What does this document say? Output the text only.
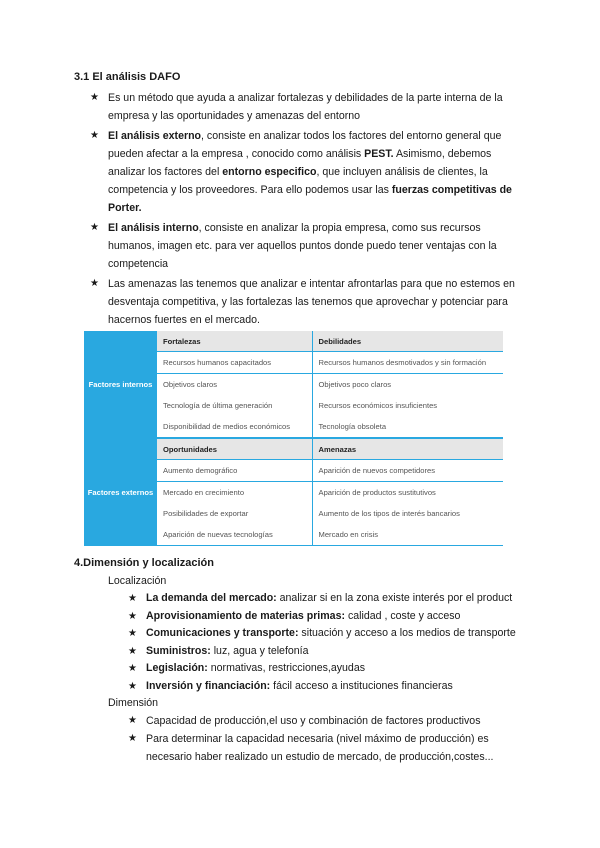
3.1 El análisis DAFO
★ Es un método que ayuda a analizar fortalezas y debilidades de la parte interna de la empresa y las oportunidades y amenazas del entorno
★ El análisis externo, consiste en analizar todos los factores del entorno general que pueden afectar a la empresa , conocido como análisis PEST. Asimismo, debemos analizar los factores del entorno especifico, que incluyen análisis de clientes, la competencia y los proveedores. Para ello podemos usar las fuerzas competitivas de Porter.
★ El análisis interno, consiste en analizar la propia empresa, como sus recursos humanos, imagen etc. para ver aquellos puntos donde puedo tener ventajas con la competencia
★ Las amenazas las tenemos que analizar e intentar afrontarlas para que no estemos en desventaja competitiva, y las fortalezas las tenemos que aprovechar y potenciar para hacernos fuertes en el mercado.
Factores internos	Fortalezas	Debilidades
	Recursos humanos capacitados	Recursos humanos desmotivados y sin formación
	Objetivos claros	Objetivos poco claros
	Tecnología de última generación	Recursos económicos insuficientes
	Disponibilidad de medios económicos	Tecnología obsoleta
Factores externos	Oportunidades	Amenazas
	Aumento demográfico	Aparición de nuevos competidores
	Mercado en crecimiento	Aparición de productos sustitutivos
	Posibilidades de exportar	Aumento de los tipos de interés bancarios
	Aparición de nuevas tecnologías	Mercado en crisis
4.Dimensión y localización
Localización
★ La demanda del mercado: analizar si en la zona existe interés por el product
★ Aprovisionamiento de materias primas: calidad , coste y acceso
★ Comunicaciones y transporte: situación y acceso a los medios de transporte
★ Suministros: luz, agua y telefonía
★ Legislación: normativas, restricciones,ayudas
★ Inversión y financiación: fácil acceso a instituciones financieras
Dimensión
★ Capacidad de producción,el uso y combinación de factores productivos
★ Para determinar la capacidad necesaria (nivel máximo de producción) es necesario haber realizado un estudio de mercado, de producción,costes...
